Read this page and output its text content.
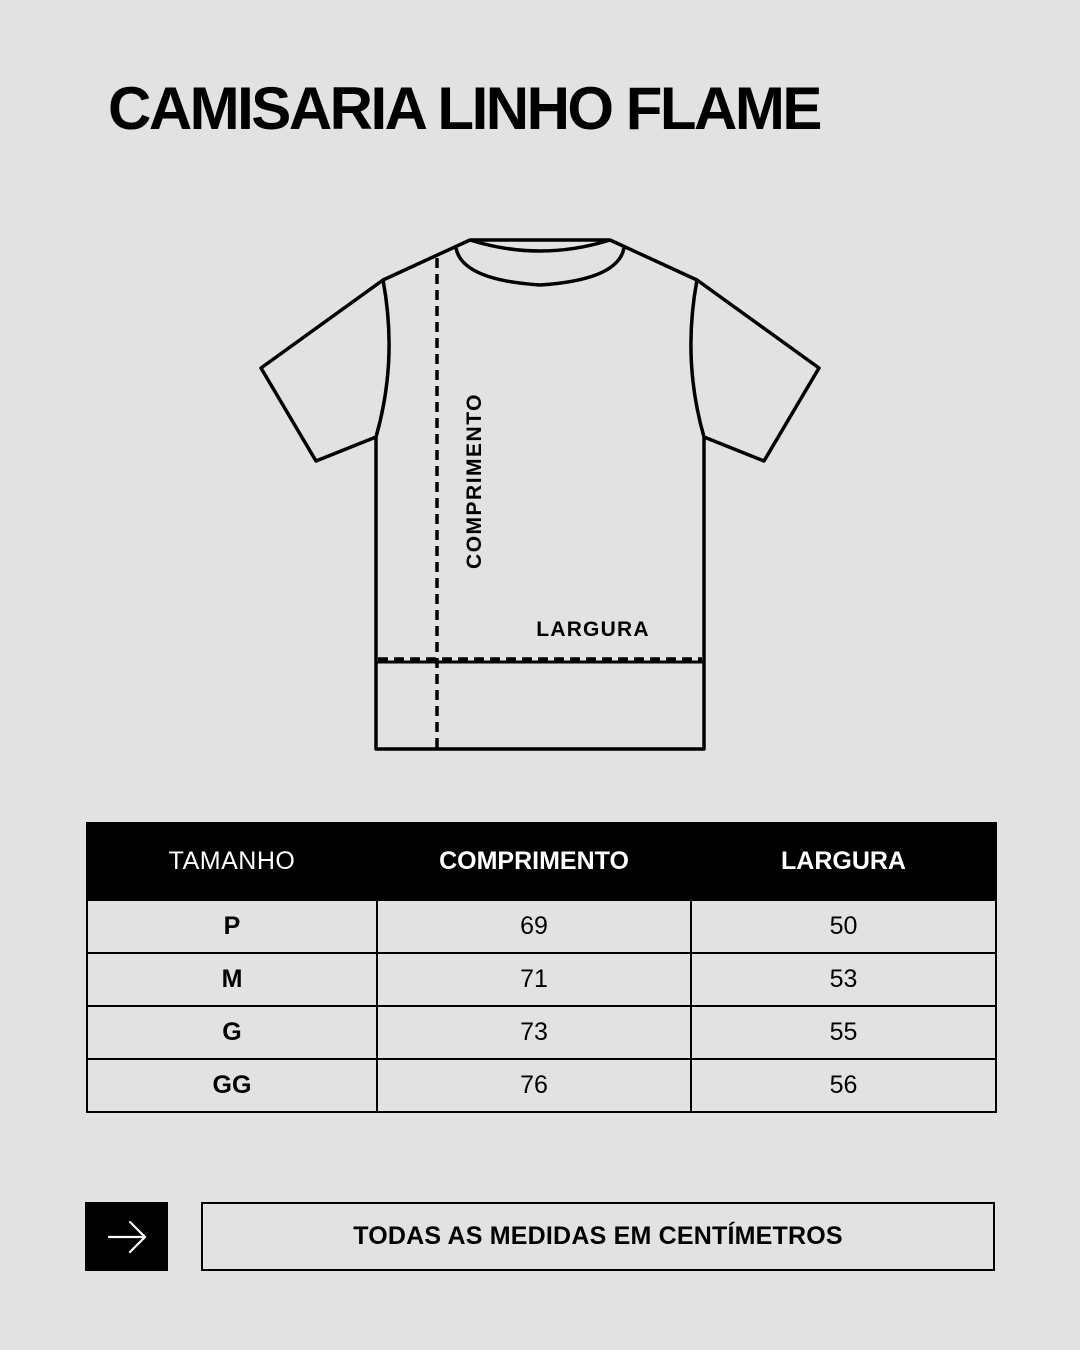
CAMISARIA LINHO FLAME
COMPRIMENTO
LARGURA
TAMANHO	COMPRIMENTO	LARGURA
P	69	50
M	71	53
G	73	55
GG	76	56
TODAS AS MEDIDAS EM CENTÍMETROS
